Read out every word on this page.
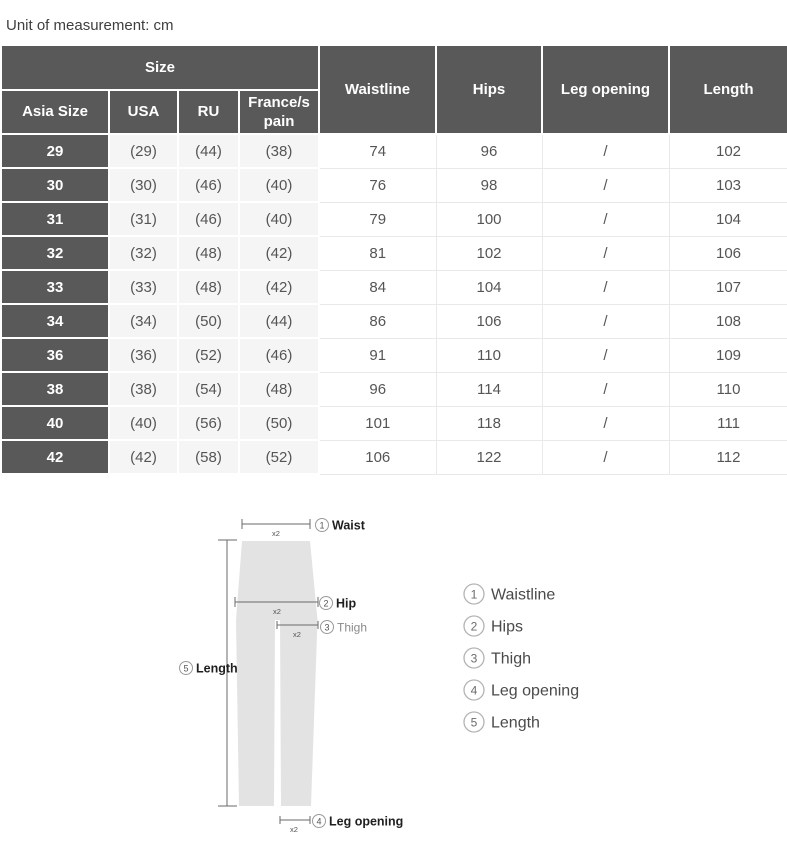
Unit of measurement: cm
Size				Waistline	Hips	Leg opening	Length
Asia Size	USA	RU	France/s pain				
29	(29)	(44)	(38)	74	96	/	102
30	(30)	(46)	(40)	76	98	/	103
31	(31)	(46)	(40)	79	100	/	104
32	(32)	(48)	(42)	81	102	/	106
33	(33)	(48)	(42)	84	104	/	107
34	(34)	(50)	(44)	86	106	/	108
36	(36)	(52)	(46)	91	110	/	109
38	(38)	(54)	(48)	96	114	/	110
40	(40)	(56)	(50)	101	118	/	111
42	(42)	(58)	(52)	106	122	/	112
x2
x2
x2
x2
1 Waist
2 Hip
3 Thigh
5 Length
4 Leg opening
1 Waistline
2 Hips
3 Thigh
4 Leg opening
5 Length
